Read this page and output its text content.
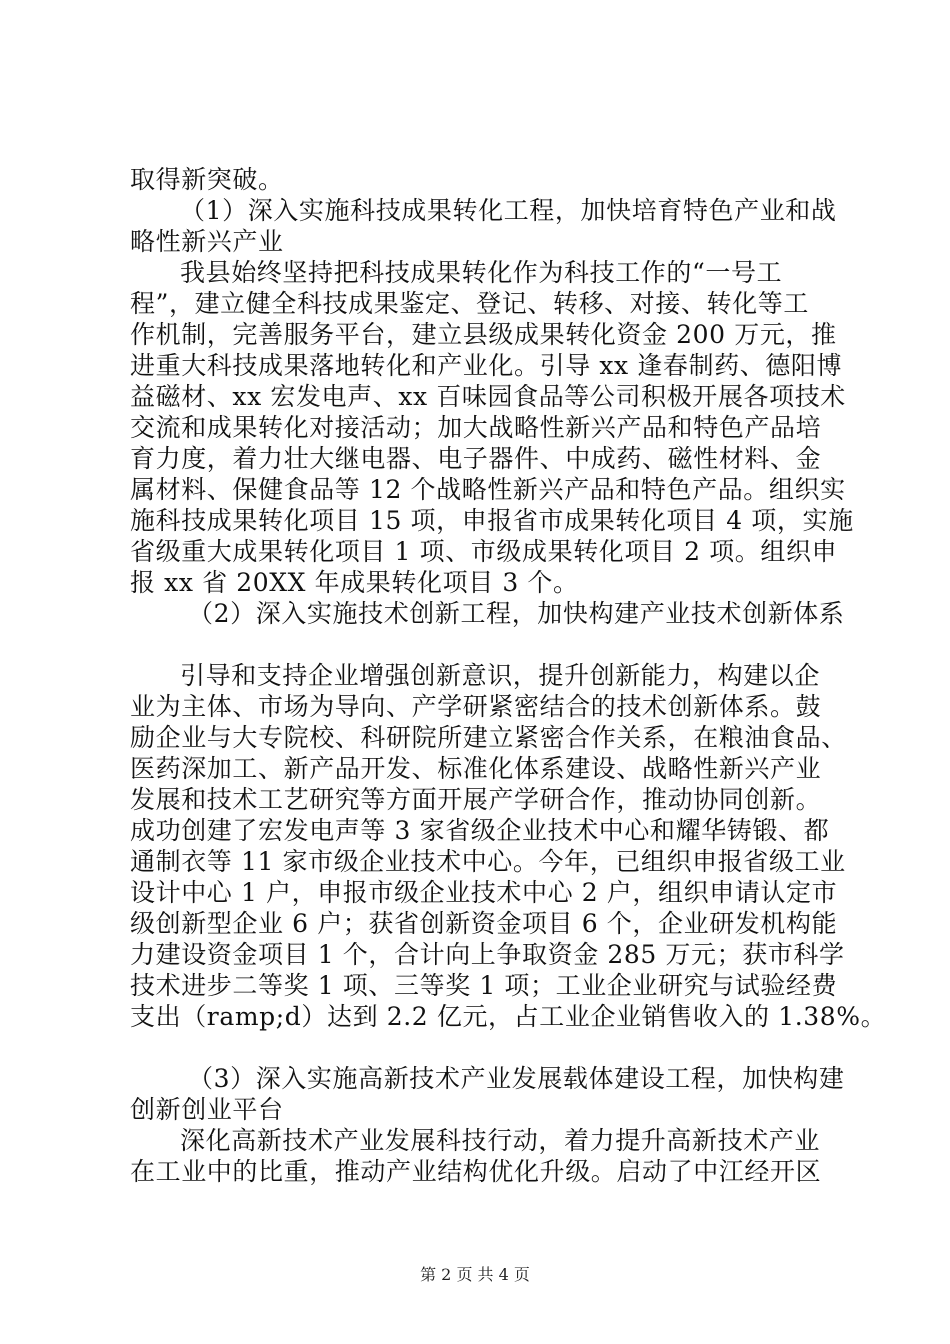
取得新突破。
（1）深入实施科技成果转化工程，加快培育特色产业和战
略性新兴产业
我县始终坚持把科技成果转化作为科技工作的“一号工
程”，建立健全科技成果鉴定、登记、转移、对接、转化等工
作机制，完善服务平台，建立县级成果转化资金 200 万元，推
进重大科技成果落地转化和产业化。引导 xx 逢春制药、德阳博
益磁材、xx 宏发电声、xx 百味园食品等公司积极开展各项技术
交流和成果转化对接活动；加大战略性新兴产品和特色产品培
育力度，着力壮大继电器、电子器件、中成药、磁性材料、金
属材料、保健食品等 12 个战略性新兴产品和特色产品。组织实
施科技成果转化项目 15 项，申报省市成果转化项目 4 项，实施
省级重大成果转化项目 1 项、市级成果转化项目 2 项。组织申
报 xx 省 20XX 年成果转化项目 3 个。
（2）深入实施技术创新工程，加快构建产业技术创新体系
引导和支持企业增强创新意识，提升创新能力，构建以企
业为主体、市场为导向、产学研紧密结合的技术创新体系。鼓
励企业与大专院校、科研院所建立紧密合作关系，在粮油食品、
医药深加工、新产品开发、标准化体系建设、战略性新兴产业
发展和技术工艺研究等方面开展产学研合作，推动协同创新。
成功创建了宏发电声等 3 家省级企业技术中心和耀华铸锻、都
通制衣等 11 家市级企业技术中心。今年，已组织申报省级工业
设计中心 1 户，申报市级企业技术中心 2 户，组织申请认定市
级创新型企业 6 户；获省创新资金项目 6 个，企业研发机构能
力建设资金项目 1 个，合计向上争取资金 285 万元；获市科学
技术进步二等奖 1 项、三等奖 1 项；工业企业研究与试验经费
支出（ramp;d）达到 2.2 亿元，占工业企业销售收入的 1.38%。
（3）深入实施高新技术产业发展载体建设工程，加快构建
创新创业平台
深化高新技术产业发展科技行动，着力提升高新技术产业
在工业中的比重，推动产业结构优化升级。启动了中江经开区
第 2 页 共 4 页
